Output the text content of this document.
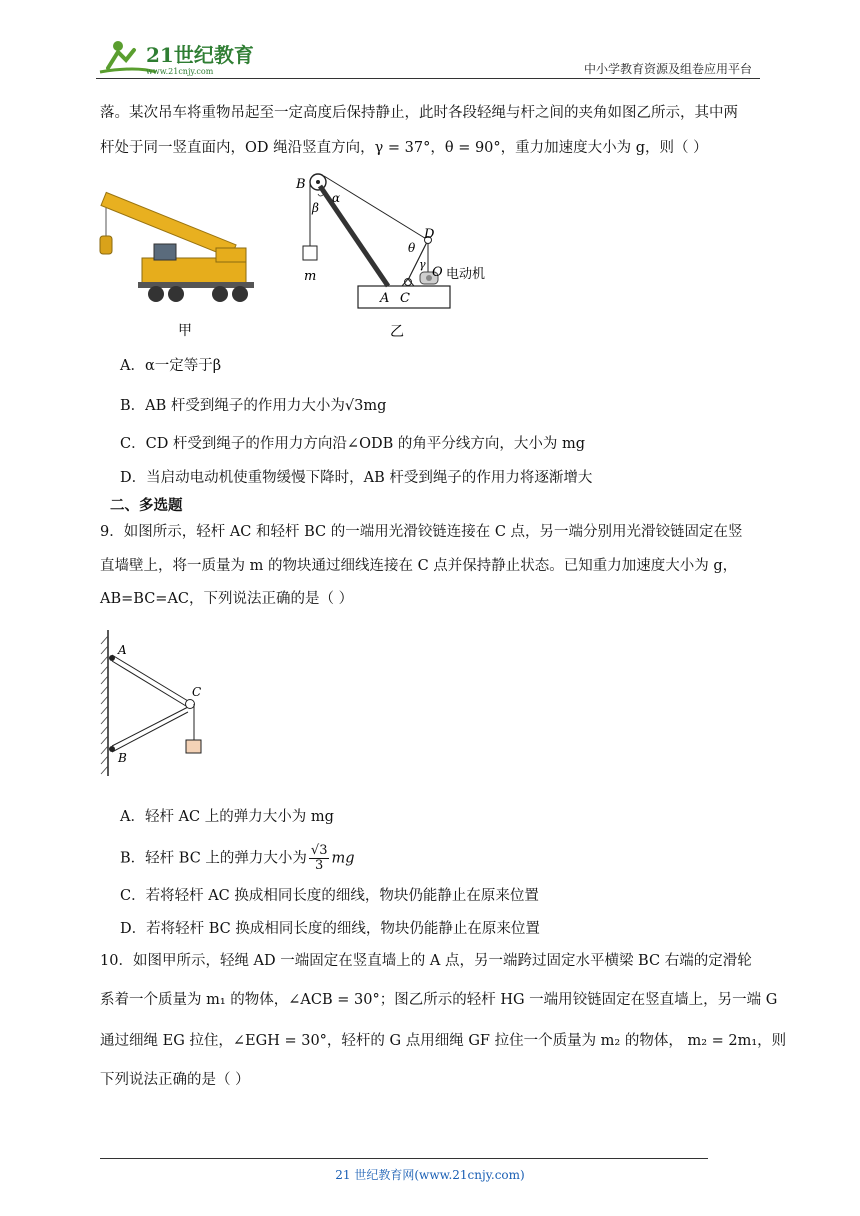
21世纪教育
www.21cnjy.com	中小学教育资源及组卷应用平台
落。某次吊车将重物吊起至一定高度后保持静止，此时各段轻绳与杆之间的夹角如图乙所示，其中两
杆处于同一竖直面内，OD 绳沿竖直方向，γ = 37°，θ = 90°，重力加速度大小为 g，则（ ）
甲
B
α
β
D
θ
γ
O 电动机
m
A C
乙
A．α一定等于β
B．AB 杆受到绳子的作用力大小为√3mg
C．CD 杆受到绳子的作用力方向沿∠ODB 的角平分线方向，大小为 mg
D．当启动电动机使重物缓慢下降时，AB 杆受到绳子的作用力将逐渐增大
二、多选题
9．如图所示，轻杆 AC 和轻杆 BC 的一端用光滑铰链连接在 C 点，另一端分别用光滑铰链固定在竖
直墙壁上，将一质量为 m 的物块通过细线连接在 C 点并保持静止状态。已知重力加速度大小为 g，
AB=BC=AC，下列说法正确的是（ ）
A
B
C
A．轻杆 AC 上的弹力大小为 mg
B．轻杆 BC 上的弹力大小为 $\frac{√3}{3}$ mg
C．若将轻杆 AC 换成相同长度的细线，物块仍能静止在原来位置
D．若将轻杆 BC 换成相同长度的细线，物块仍能静止在原来位置
10．如图甲所示，轻绳 AD 一端固定在竖直墙上的 A 点，另一端跨过固定水平横梁 BC 右端的定滑轮
系着一个质量为 m₁ 的物体，∠ACB = 30°；图乙所示的轻杆 HG 一端用铰链固定在竖直墙上，另一端 G
通过细绳 EG 拉住，∠EGH = 30°，轻杆的 G 点用细绳 GF 拉住一个质量为 m₂ 的物体， m₂ = 2m₁，则
下列说法正确的是（ ）
21 世纪教育网(www.21cnjy.com)
